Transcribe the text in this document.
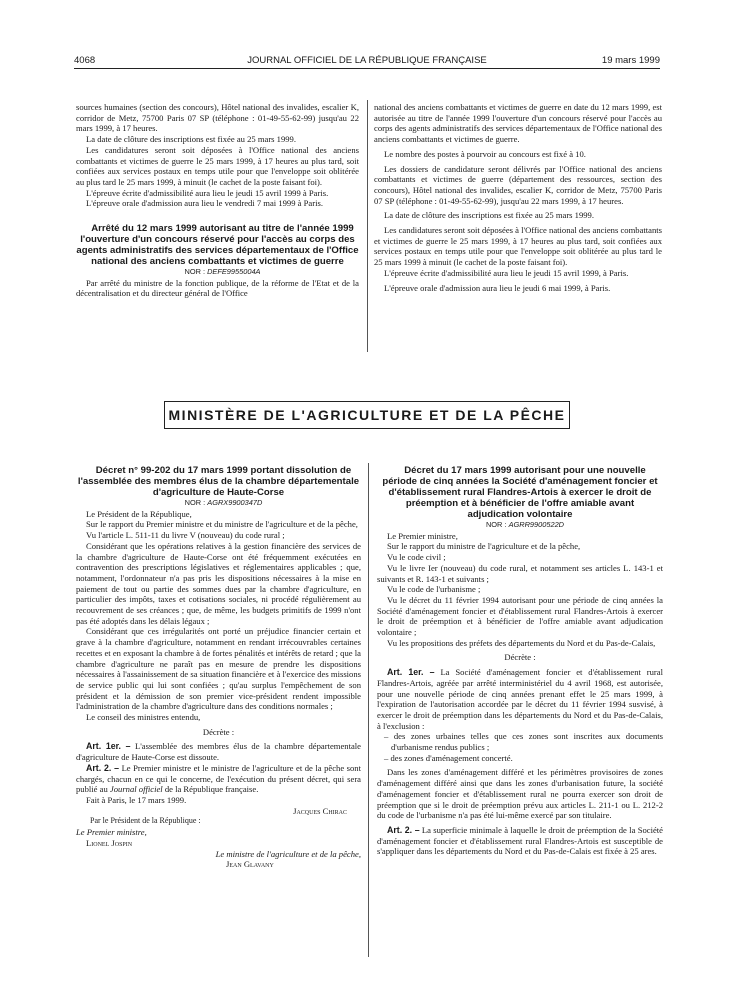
4068	JOURNAL OFFICIEL DE LA RÉPUBLIQUE FRANÇAISE	19 mars 1999

sources humaines (section des concours), Hôtel national des invalides, escalier K, corridor de Metz, 75700 Paris 07 SP (téléphone : 01-49-55-62-99) jusqu'au 22 mars 1999, à 17 heures.

La date de clôture des inscriptions est fixée au 25 mars 1999.

Les candidatures seront soit déposées à l'Office national des anciens combattants et victimes de guerre le 25 mars 1999, à 17 heures au plus tard, soit confiées aux services postaux en temps utile pour que l'enveloppe soit oblitérée au plus tard le 25 mars 1999, à minuit (le cachet de la poste faisant foi).

L'épreuve écrite d'admissibilité aura lieu le jeudi 15 avril 1999 à Paris.

L'épreuve orale d'admission aura lieu le vendredi 7 mai 1999 à Paris.

Arrêté du 12 mars 1999 autorisant au titre de l'année 1999 l'ouverture d'un concours réservé pour l'accès au corps des agents administratifs des services départementaux de l'Office national des anciens combattants et victimes de guerre

NOR : DEFE9955004A

Par arrêté du ministre de la fonction publique, de la réforme de l'Etat et de la décentralisation et du directeur général de l'Office

national des anciens combattants et victimes de guerre en date du 12 mars 1999, est autorisée au titre de l'année 1999 l'ouverture d'un concours réservé pour l'accès au corps des agents administratifs des services départementaux de l'Office national des anciens combattants et victimes de guerre.

Le nombre des postes à pourvoir au concours est fixé à 10.

Les dossiers de candidature seront délivrés par l'Office national des anciens combattants et victimes de guerre (département des ressources, section des concours), Hôtel national des invalides, escalier K, corridor de Metz, 75700 Paris 07 SP (téléphone : 01-49-55-62-99), jusqu'au 22 mars 1999, à 17 heures.

La date de clôture des inscriptions est fixée au 25 mars 1999.

Les candidatures seront soit déposées à l'Office national des anciens combattants et victimes de guerre le 25 mars 1999, à 17 heures au plus tard, soit confiées aux services postaux en temps utile pour que l'enveloppe soit oblitérée au plus tard le 25 mars 1999 à minuit (le cachet de la poste faisant foi).

L'épreuve écrite d'admissibilité aura lieu le jeudi 15 avril 1999, à Paris.

L'épreuve orale d'admission aura lieu le jeudi 6 mai 1999, à Paris.

MINISTÈRE DE L'AGRICULTURE ET DE LA PÊCHE

Décret n° 99-202 du 17 mars 1999 portant dissolution de l'assemblée des membres élus de la chambre départementale d'agriculture de Haute-Corse

NOR : AGRX9900347D

Le Président de la République,

Sur le rapport du Premier ministre et du ministre de l'agriculture et de la pêche,

Vu l'article L. 511-11 du livre V (nouveau) du code rural ;

Considérant que les opérations relatives à la gestion financière des services de la chambre d'agriculture de Haute-Corse ont été fréquemment exécutées en contravention des prescriptions législatives et réglementaires applicables ; que, notamment, l'ordonnateur n'a pas pris les dispositions nécessaires à la mise en paiement de tout ou partie des sommes dues par la chambre d'agriculture, en particulier des impôts, taxes et cotisations sociales, ni procédé régulièrement au recouvrement de ses créances ; que, de même, les budgets primitifs de 1999 n'ont pas été adoptés dans les délais légaux ;

Considérant que ces irrégularités ont porté un préjudice financier certain et grave à la chambre d'agriculture, notamment en rendant irrécouvrables certaines recettes et en exposant la chambre à de fortes pénalités et intérêts de retard ; que la chambre d'agriculture ne paraît pas en mesure de prendre les dispositions nécessaires à l'assainissement de sa situation financière et à l'exercice des missions de service public qui lui sont confiées ; qu'au surplus l'empêchement de son président et la démission de son premier vice-président rendent impossible l'administration de la chambre d'agriculture dans des conditions normales ;

Le conseil des ministres entendu,

Décrète :

Art. 1er. – L'assemblée des membres élus de la chambre départementale d'agriculture de Haute-Corse est dissoute.

Art. 2. – Le Premier ministre et le ministre de l'agriculture et de la pêche sont chargés, chacun en ce qui le concerne, de l'exécution du présent décret, qui sera publié au Journal officiel de la République française.

Fait à Paris, le 17 mars 1999.

Jacques Chirac

Par le Président de la République :

Le Premier ministre,

Lionel Jospin

Le ministre de l'agriculture et de la pêche,

Jean Glavany

Décret du 17 mars 1999 autorisant pour une nouvelle période de cinq années la Société d'aménagement foncier et d'établissement rural Flandres-Artois à exercer le droit de préemption et à bénéficier de l'offre amiable avant adjudication volontaire

NOR : AGRR9900522D

Le Premier ministre,

Sur le rapport du ministre de l'agriculture et de la pêche,

Vu le code civil ;

Vu le livre Ier (nouveau) du code rural, et notamment ses articles L. 143-1 et suivants et R. 143-1 et suivants ;

Vu le code de l'urbanisme ;

Vu le décret du 11 février 1994 autorisant pour une période de cinq années la Société d'aménagement foncier et d'établissement rural Flandres-Artois à exercer le droit de préemption et à bénéficier de l'offre amiable avant adjudication volontaire ;

Vu les propositions des préfets des départements du Nord et du Pas-de-Calais,

Décrète :

Art. 1er. – La Société d'aménagement foncier et d'établissement rural Flandres-Artois, agréée par arrêté interministériel du 4 avril 1968, est autorisée, pour une nouvelle période de cinq années prenant effet le 25 mars 1999, à l'expiration de l'autorisation accordée par le décret du 11 février 1994 susvisé, à exercer le droit de préemption dans les départements du Nord et du Pas-de-Calais, à l'exclusion :

– des zones urbaines telles que ces zones sont inscrites aux documents d'urbanisme rendus publics ;
– des zones d'aménagement concerté.

Dans les zones d'aménagement différé et les périmètres provisoires de zones d'aménagement différé ainsi que dans les zones d'urbanisation future, la société d'aménagement foncier et d'établissement rural ne pourra exercer son droit de préemption que si le droit de préemption prévu aux articles L. 211-1 ou L. 212-2 du code de l'urbanisme n'a pas été lui-même exercé par son titulaire.

Art. 2. – La superficie minimale à laquelle le droit de préemption de la Société d'aménagement foncier et d'établissement rural Flandres-Artois est susceptible de s'appliquer dans les départements du Nord et du Pas-de-Calais est fixée à 25 ares.
